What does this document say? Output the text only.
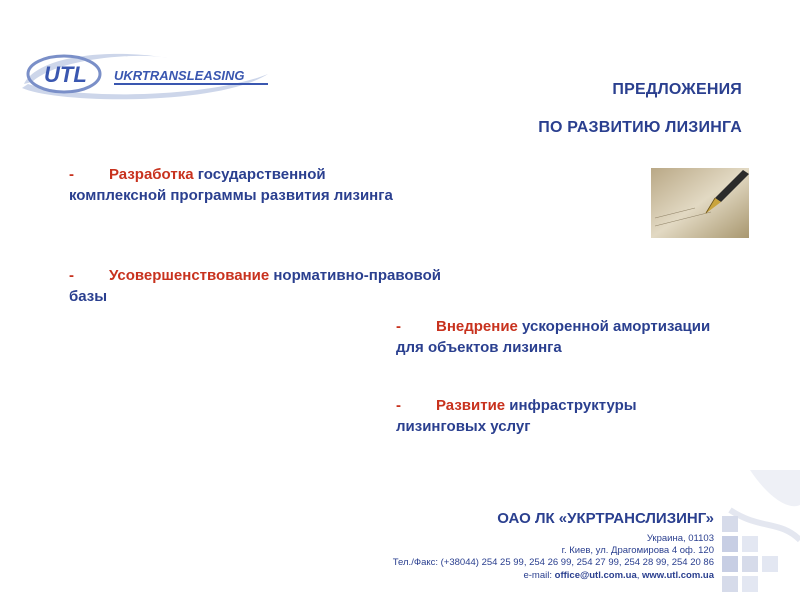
UTL UKRTRANSLEASING
ПРЕДЛОЖЕНИЯ
ПО РАЗВИТИЮ ЛИЗИНГА
- Разработка государственной комплексной программы развития лизинга
- Усовершенствование нормативно-правовой базы
- Внедрение ускоренной амортизации для объектов лизинга
- Развитие инфраструктуры лизинговых услуг
ОАО ЛК «УКРТРАНСЛИЗИНГ»
Украина, 01103
г. Киев, ул. Драгомирова 4 оф. 120
Тел./Факс: (+38044) 254 25 99, 254 26 99, 254 27 99, 254 28 99, 254 20 86
e-mail: office@utl.com.ua, www.utl.com.ua
